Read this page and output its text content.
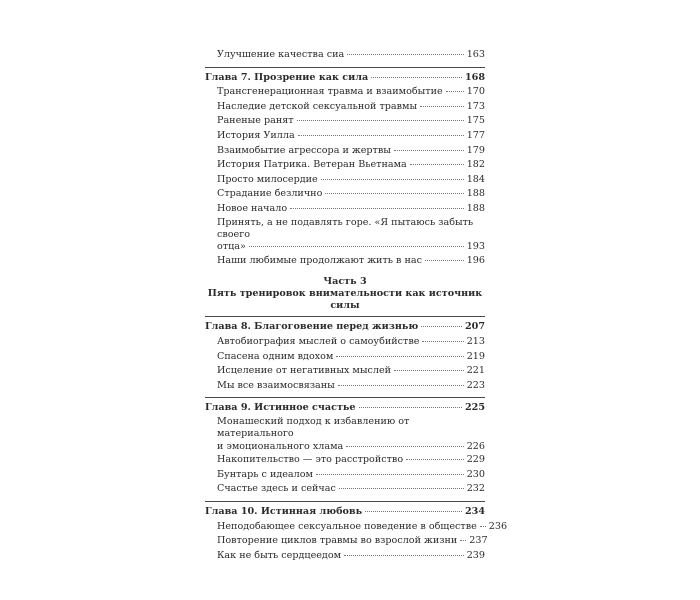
Улучшение качества сиа	163
Глава 7. Прозрение как сила	168
Трансгенерационная травма и взаимобытие	170
Наследие детской сексуальной травмы	173
Раненые ранят	175
История Уилла	177
Взаимобытие агрессора и жертвы	179
История Патрика. Ветеран Вьетнама	182
Просто милосердие	184
Страдание безлично	188
Новое начало	188
Принять, а не подавлять горе. «Я пытаюсь забыть своего
отца»	193
Наши любимые продолжают жить в нас	196
Часть 3
Пять тренировок внимательности как источник силы
Глава 8. Благоговение перед жизнью	207
Автобиография мыслей о самоубийстве	213
Спасена одним вдохом	219
Исцеление от негативных мыслей	221
Мы все взаимосвязаны	223
Глава 9. Истинное счастье	225
Монашеский подход к избавлению от материального
и эмоционального хлама	226
Накопительство — это расстройство	229
Бунтарь с идеалом	230
Счастье здесь и сейчас	232
Глава 10. Истинная любовь	234
Неподобающее сексуальное поведение в обществе 236
Повторение циклов травмы во взрослой жизни 237
Как не быть сердцеедом	239
